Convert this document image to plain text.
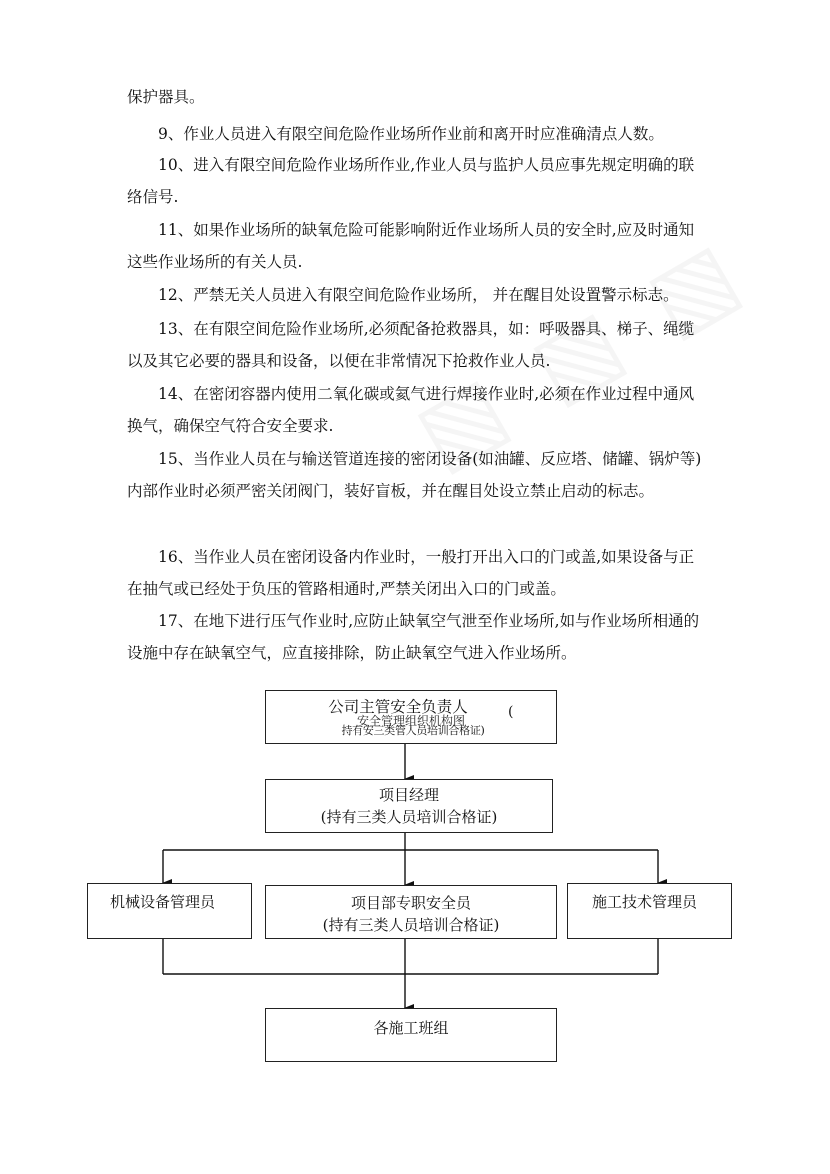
保护器具。

9、作业人员进入有限空间危险作业场所作业前和离开时应准确清点人数。

10、进入有限空间危险作业场所作业,作业人员与监护人员应事先规定明确的联络信号.

11、如果作业场所的缺氧危险可能影响附近作业场所人员的安全时,应及时通知这些作业场所的有关人员.

12、严禁无关人员进入有限空间危险作业场所， 并在醒目处设置警示标志。

13、在有限空间危险作业场所,必须配备抢救器具，如：呼吸器具、梯子、绳缆以及其它必要的器具和设备，以便在非常情况下抢救作业人员.

14、在密闭容器内使用二氧化碳或氦气进行焊接作业时,必须在作业过程中通风换气，确保空气符合安全要求.

15、当作业人员在与输送管道连接的密闭设备(如油罐、反应塔、储罐、锅炉等)内部作业时必须严密关闭阀门，装好盲板，并在醒目处设立禁止启动的标志。

16、当作业人员在密闭设备内作业时，一般打开出入口的门或盖,如果设备与正在抽气或已经处于负压的管路相通时,严禁关闭出入口的门或盖。

17、在地下进行压气作业时,应防止缺氧空气泄至作业场所,如与作业场所相通的设施中存在缺氧空气，应直接排除，防止缺氧空气进入作业场所。

公司主管安全负责人	(
安全管理组织机构图
持有安三类管人员培训合格证)
项目经理
(持有三类人员培训合格证)
机械设备管理员	项目部专职安全员
(持有三类人员培训合格证)
施工技术管理员
各施工班组
